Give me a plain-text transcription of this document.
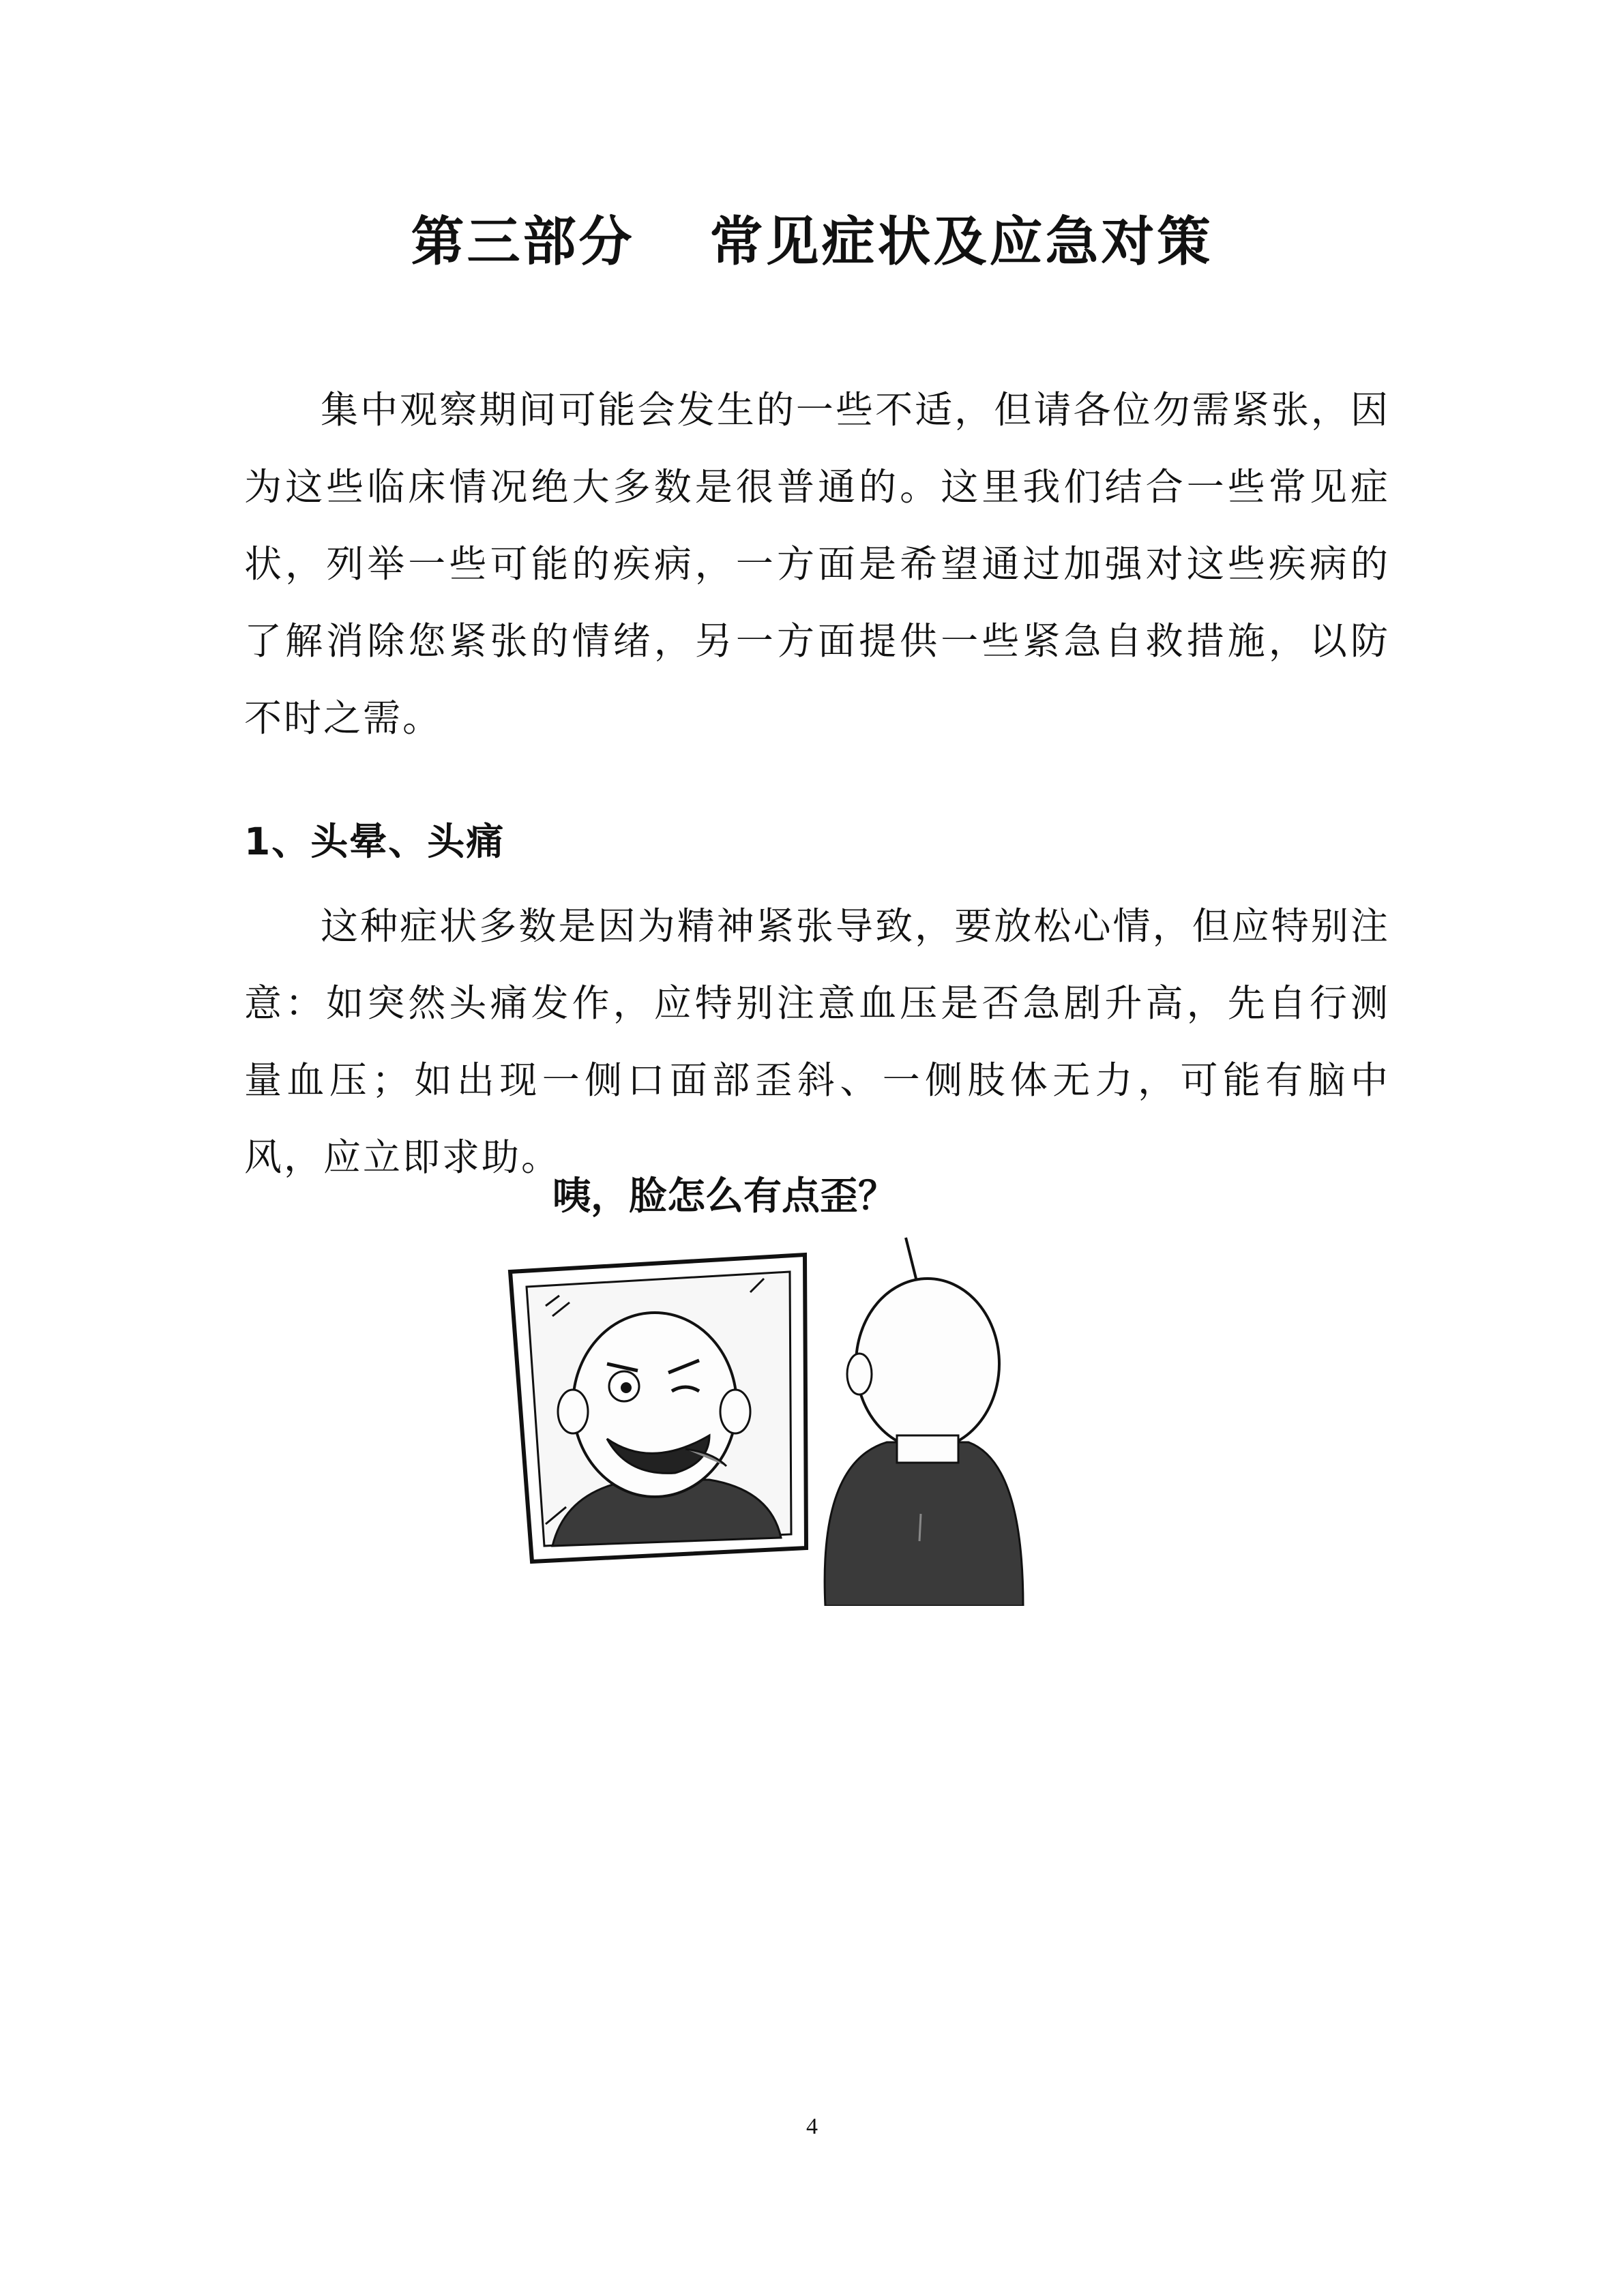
第三部分 常见症状及应急对策

集中观察期间可能会发生的一些不适，但请各位勿需紧张，因为这些临床情况绝大多数是很普通的。这里我们结合一些常见症状，列举一些可能的疾病，一方面是希望通过加强对这些疾病的了解消除您紧张的情绪，另一方面提供一些紧急自救措施，以防不时之需。

1、头晕、头痛

这种症状多数是因为精神紧张导致，要放松心情，但应特别注意：如突然头痛发作，应特别注意血压是否急剧升高，先自行测量血压；如出现一侧口面部歪斜、一侧肢体无力，可能有脑中风，应立即求助。

咦，脸怎么有点歪？
4
